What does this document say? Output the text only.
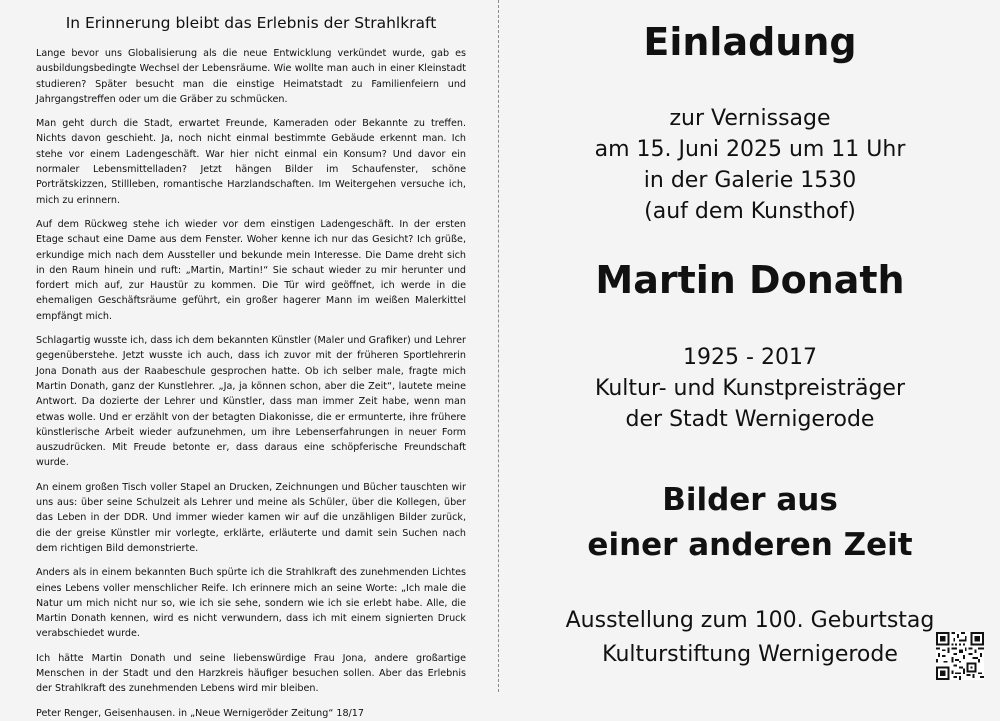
In Erinnerung bleibt das Erlebnis der Strahlkraft

Lange bevor uns Globalisierung als die neue Entwicklung verkündet wurde, gab es ausbildungsbedingte Wechsel der Lebensräume. Wie wollte man auch in einer Kleinstadt studieren? Später besucht man die einstige Heimatstadt zu Familienfeiern und Jahrgangstreffen oder um die Gräber zu schmücken.

Man geht durch die Stadt, erwartet Freunde, Kameraden oder Bekannte zu treffen. Nichts davon geschieht. Ja, noch nicht einmal bestimmte Gebäude erkennt man. Ich stehe vor einem Ladengeschäft. War hier nicht einmal ein Konsum? Und davor ein normaler Lebensmittelladen? Jetzt hängen Bilder im Schaufenster, schöne Porträtskizzen, Stillleben, romantische Harzlandschaften. Im Weitergehen versuche ich, mich zu erinnern.

Auf dem Rückweg stehe ich wieder vor dem einstigen Ladengeschäft. In der ersten Etage schaut eine Dame aus dem Fenster. Woher kenne ich nur das Gesicht? Ich grüße, erkundige mich nach dem Aussteller und bekunde mein Interesse. Die Dame dreht sich in den Raum hinein und ruft: „Martin, Martin!“ Sie schaut wieder zu mir herunter und fordert mich auf, zur Haustür zu kommen. Die Tür wird geöffnet, ich werde in die ehemaligen Geschäftsräume geführt, ein großer hagerer Mann im weißen Malerkittel empfängt mich.

Schlagartig wusste ich, dass ich dem bekannten Künstler (Maler und Grafiker) und Lehrer gegenüberstehe. Jetzt wusste ich auch, dass ich zuvor mit der früheren Sportlehrerin Jona Donath aus der Raabeschule gesprochen hatte. Ob ich selber male, fragte mich Martin Donath, ganz der Kunstlehrer. „Ja, ja können schon, aber die Zeit“, lautete meine Antwort. Da dozierte der Lehrer und Künstler, dass man immer Zeit habe, wenn man etwas wolle. Und er erzählt von der betagten Diakonisse, die er ermunterte, ihre frühere künstlerische Arbeit wieder aufzunehmen, um ihre Lebenserfahrungen in neuer Form auszudrücken. Mit Freude betonte er, dass daraus eine schöpferische Freundschaft wurde.

An einem großen Tisch voller Stapel an Drucken, Zeichnungen und Bücher tauschten wir uns aus: über seine Schulzeit als Lehrer und meine als Schüler, über die Kollegen, über das Leben in der DDR. Und immer wieder kamen wir auf die unzähligen Bilder zurück, die der greise Künstler mir vorlegte, erklärte, erläuterte und damit sein Suchen nach dem richtigen Bild demonstrierte.

Anders als in einem bekannten Buch spürte ich die Strahlkraft des zunehmenden Lichtes eines Lebens voller menschlicher Reife. Ich erinnere mich an seine Worte: „Ich male die Natur um mich nicht nur so, wie ich sie sehe, sondern wie ich sie erlebt habe. Alle, die Martin Donath kennen, wird es nicht verwundern, dass ich mit einem signierten Druck verabschiedet wurde.

Ich hätte Martin Donath und seine liebenswürdige Frau Jona, andere großartige Menschen in der Stadt und den Harzkreis häufiger besuchen sollen. Aber das Erlebnis der Strahlkraft des zunehmenden Lebens wird mir bleiben.

Peter Renger, Geisenhausen. in „Neue Wernigeröder Zeitung“ 18/17

Einladung
zur Vernissage
am 15. Juni 2025 um 11 Uhr
in der Galerie 1530
(auf dem Kunsthof)
Martin Donath
1925 - 2017
Kultur- und Kunstpreisträger
der Stadt Wernigerode
Bilder aus
einer anderen Zeit
Ausstellung zum 100. Geburtstag
Kulturstiftung Wernigerode
